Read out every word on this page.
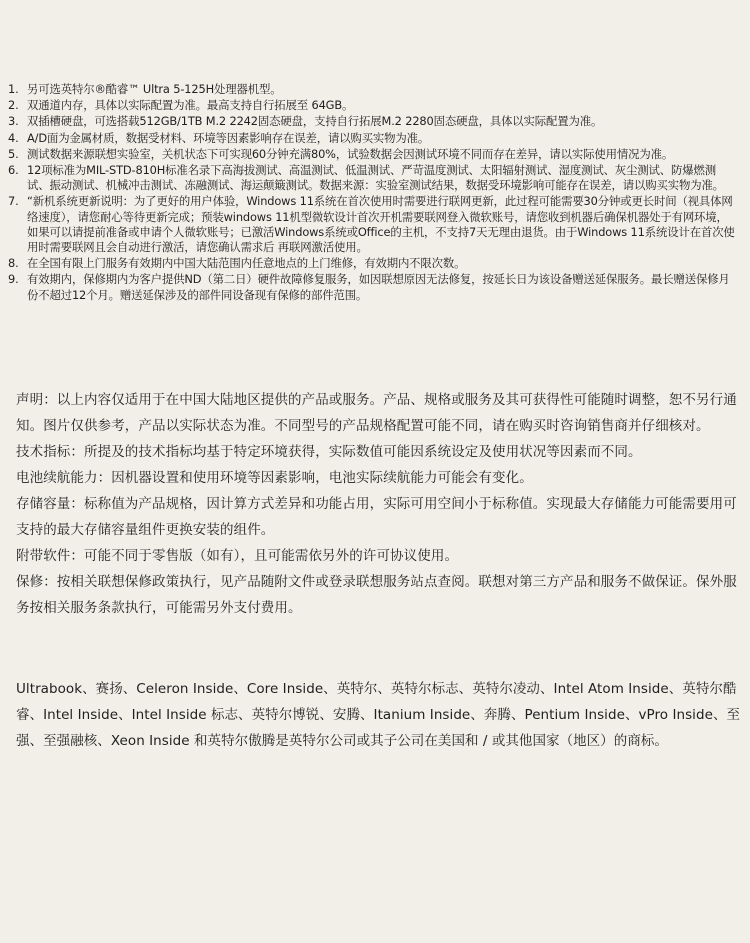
1. 另可选英特尔®酷睿™ Ultra 5-125H处理器机型。
2. 双通道内存，具体以实际配置为准。最高支持自行拓展至 64GB。
3. 双插槽硬盘，可选搭载512GB/1TB M.2 2242固态硬盘，支持自行拓展M.2 2280固态硬盘，具体以实际配置为准。
4. A/D面为金属材质，数据受材料、环境等因素影响存在误差，请以购买实物为准。
5. 测试数据来源联想实验室，关机状态下可实现60分钟充满80%，试验数据会因测试环境不同而存在差异，请以实际使用情况为准。
6. 12项标准为MIL-STD-810H标准名录下高海拔测试、高温测试、低温测试、严苛温度测试、太阳辐射测试、湿度测试、灰尘测试、防爆燃测试、振动测试、机械冲击测试、冻融测试、海运颠簸测试。数据来源：实验室测试结果，数据受环境影响可能存在误差，请以购买实物为准。
7. “新机系统更新说明：为了更好的用户体验，Windows 11系统在首次使用时需要进行联网更新，此过程可能需要30分钟或更长时间（视具体网络速度），请您耐心等待更新完成；预装windows 11机型微软设计首次开机需要联网登入微软账号，请您收到机器后确保机器处于有网环境，如果可以请提前准备或申请个人微软账号；已激活Windows系统或Office的主机，不支持7天无理由退货。由于Windows 11系统设计在首次使用时需要联网且会自动进行激活，请您确认需求后 再联网激活使用。
8. 在全国有限上门服务有效期内中国大陆范围内任意地点的上门维修，有效期内不限次数。
9. 有效期内，保修期内为客户提供ND（第二日）硬件故障修复服务，如因联想原因无法修复，按延长日为该设备赠送延保服务。最长赠送保修月份不超过12个月。赠送延保涉及的部件同设备现有保修的部件范围。

声明：以上内容仅适用于在中国大陆地区提供的产品或服务。产品、规格或服务及其可获得性可能随时调整，恕不另行通知。图片仅供参考，产品以实际状态为准。不同型号的产品规格配置可能不同，请在购买时咨询销售商并仔细核对。

技术指标：所提及的技术指标均基于特定环境获得，实际数值可能因系统设定及使用状况等因素而不同。

电池续航能力：因机器设置和使用环境等因素影响，电池实际续航能力可能会有变化。

存储容量：标称值为产品规格，因计算方式差异和功能占用，实际可用空间小于标称值。实现最大存储能力可能需要用可支持的最大存储容量组件更换安装的组件。

附带软件：可能不同于零售版（如有），且可能需依另外的许可协议使用。

保修：按相关联想保修政策执行，见产品随附文件或登录联想服务站点查阅。联想对第三方产品和服务不做保证。保外服务按相关服务条款执行，可能需另外支付费用。

Ultrabook、赛扬、Celeron Inside、Core Inside、英特尔、英特尔标志、英特尔凌动、Intel Atom Inside、英特尔酷睿、Intel Inside、Intel Inside 标志、英特尔博锐、安腾、Itanium Inside、奔腾、Pentium Inside、vPro Inside、至强、至强融核、Xeon Inside 和英特尔傲腾是英特尔公司或其子公司在美国和 / 或其他国家（地区）的商标。
